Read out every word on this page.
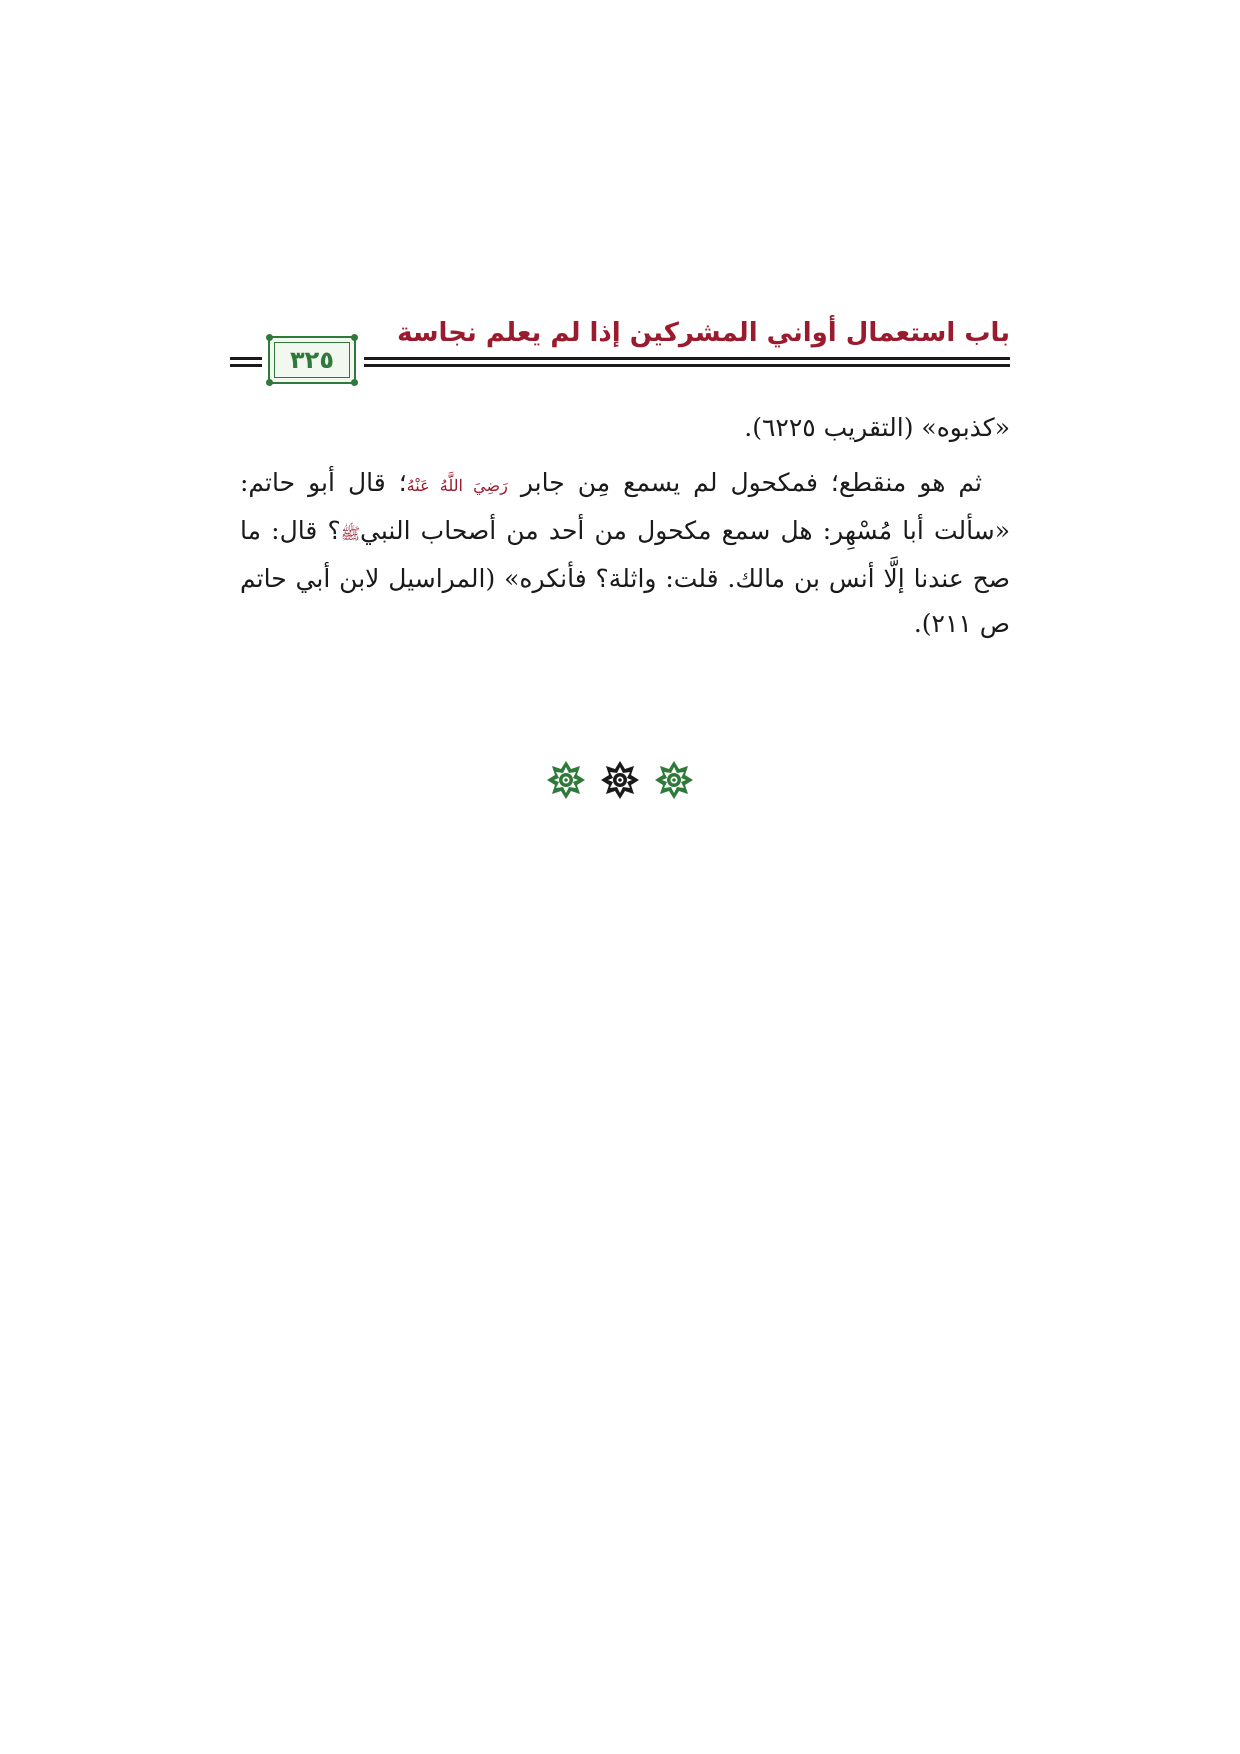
باب استعمال أواني المشركين إذا لم يعلم نجاسة
٣٢٥

«كذبوه» (التقريب ٦٢٢٥).

ثم هو منقطع؛ فمكحول لم يسمع مِن جابر رَضِيَ اللَّهُ عَنْهُ؛ قال أبو حاتم: «سألت أبا مُسْهِر: هل سمع مكحول من أحد من أصحاب النبيﷺ؟ قال: ما صح عندنا إلَّا أنس بن مالك. قلت: واثلة؟ فأنكره» (المراسيل لابن أبي حاتم ص ٢١١).
